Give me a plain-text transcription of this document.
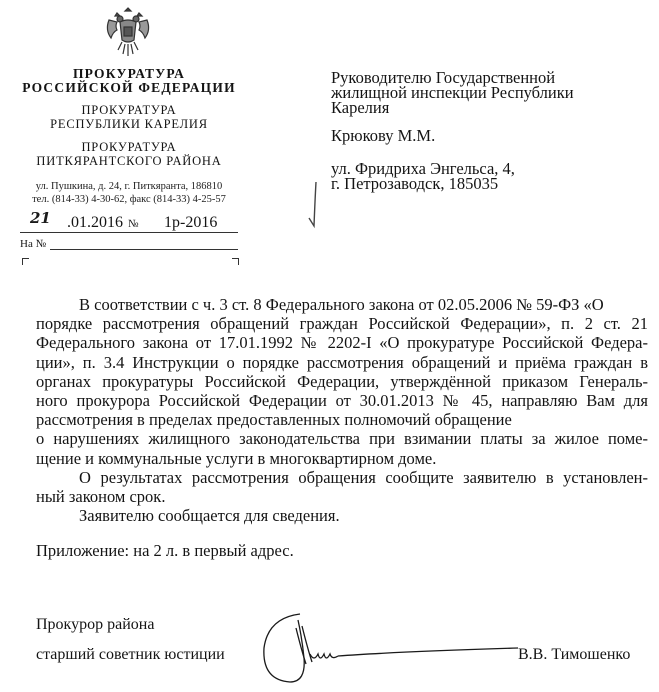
ПРОКУРАТУРА
РОССИЙСКОЙ ФЕДЕРАЦИИ
ПРОКУРАТУРА
РЕСПУБЛИКИ КАРЕЛИЯ
ПРОКУРАТУРА
ПИТКЯРАНТСКОГО РАЙОНА
ул. Пушкина, д. 24, г. Питкяранта, 186810
тел. (814-33) 4-30-62, факс (814-33) 4-25-57
21 .01.2016 № 1р-2016
На №
Руководителю Государственной
жилищной инспекции Республики
Карелия
Крюкову М.М.
ул. Фридриха Энгельса, 4,
г. Петрозаводск, 185035
В соответствии с ч. 3 ст. 8 Федерального закона от 02.05.2006 № 59-ФЗ «О
порядке рассмотрения обращений граждан Российской Федерации», п. 2 ст. 21
Федерального закона от 17.01.1992 № 2202-I «О прокуратуре Российской Федера-
ции», п. 3.4 Инструкции о порядке рассмотрения обращений и приёма граждан в
органах прокуратуры Российской Федерации, утверждённой приказом Генераль-
ного прокурора Российской Федерации от 30.01.2013 № 45, направляю Вам для
рассмотрения в пределах предоставленных полномочий обращение
о нарушениях жилищного законодательства при взимании платы за жилое поме-
щение и коммунальные услуги в многоквартирном доме.
О результатах рассмотрения обращения сообщите заявителю в установлен-
ный законом срок.
Заявителю сообщается для сведения.
Приложение: на 2 л. в первый адрес.
Прокурор района
старший советник юстиции	В.В. Тимошенко
